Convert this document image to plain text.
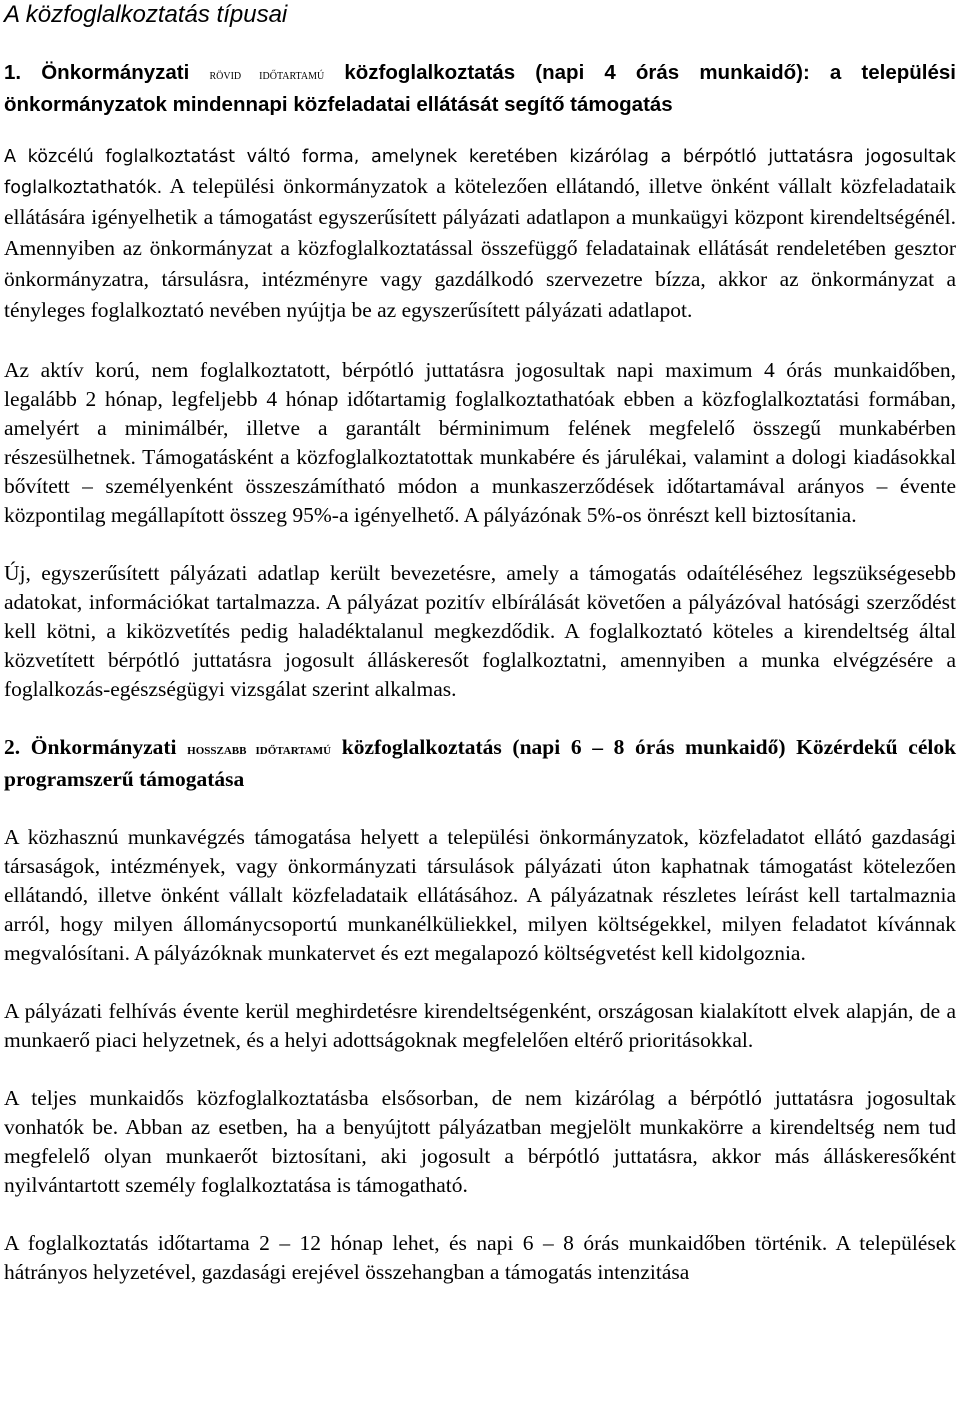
A közfoglalkoztatás típusai
1. Önkormányzati rövid időtartamú közfoglalkoztatás (napi 4 órás munkaidő): a települési önkormányzatok mindennapi közfeladatai ellátását segítő támogatás

A közcélú foglalkoztatást váltó forma, amelynek keretében kizárólag a bérpótló juttatásra jogosultak foglalkoztathatók. A települési önkormányzatok a kötelezően ellátandó, illetve önként vállalt közfeladataik ellátására igényelhetik a támogatást egyszerűsített pályázati adatlapon a munkaügyi központ kirendeltségénél. Amennyiben az önkormányzat a közfoglalkoztatással összefüggő feladatainak ellátását rendeletében gesztor önkormányzatra, társulásra, intézményre vagy gazdálkodó szervezetre bízza, akkor az önkormányzat a tényleges foglalkoztató nevében nyújtja be az egyszerűsített pályázati adatlapot.

Az aktív korú, nem foglalkoztatott, bérpótló juttatásra jogosultak napi maximum 4 órás munkaidőben, legalább 2 hónap, legfeljebb 4 hónap időtartamig foglalkoztathatóak ebben a közfoglalkoztatási formában, amelyért a minimálbér, illetve a garantált bérminimum felének megfelelő összegű munkabérben részesülhetnek. Támogatásként a közfoglalkoztatottak munkabére és járulékai, valamint a dologi kiadásokkal bővített – személyenként összeszámítható módon a munkaszerződések időtartamával arányos – évente központilag megállapított összeg 95%-a igényelhető. A pályázónak 5%-os önrészt kell biztosítania.

Új, egyszerűsített pályázati adatlap került bevezetésre, amely a támogatás odaítéléséhez legszükségesebb adatokat, információkat tartalmazza. A pályázat pozitív elbírálását követően a pályázóval hatósági szerződést kell kötni, a kiközvetítés pedig haladéktalanul megkezdődik. A foglalkoztató köteles a kirendeltség által közvetített bérpótló juttatásra jogosult álláskeresőt foglalkoztatni, amennyiben a munka elvégzésére a foglalkozás-egészségügyi vizsgálat szerint alkalmas.

2. Önkormányzati hosszabb időtartamú közfoglalkoztatás (napi 6 – 8 órás munkaidő) Közérdekű célok programszerű támogatása

A közhasznú munkavégzés támogatása helyett a települési önkormányzatok, közfeladatot ellátó gazdasági társaságok, intézmények, vagy önkormányzati társulások pályázati úton kaphatnak támogatást kötelezően ellátandó, illetve önként vállalt közfeladataik ellátásához. A pályázatnak részletes leírást kell tartalmaznia arról, hogy milyen állománycsoportú munkanélküliekkel, milyen költségekkel, milyen feladatot kívánnak megvalósítani. A pályázóknak munkatervet és ezt megalapozó költségvetést kell kidolgoznia.

A pályázati felhívás évente kerül meghirdetésre kirendeltségenként, országosan kialakított elvek alapján, de a munkaerő piaci helyzetnek, és a helyi adottságoknak megfelelően eltérő prioritásokkal.

A teljes munkaidős közfoglalkoztatásba elsősorban, de nem kizárólag a bérpótló juttatásra jogosultak vonhatók be. Abban az esetben, ha a benyújtott pályázatban megjelölt munkakörre a kirendeltség nem tud megfelelő olyan munkaerőt biztosítani, aki jogosult a bérpótló juttatásra, akkor más álláskeresőként nyilvántartott személy foglalkoztatása is támogatható.

A foglalkoztatás időtartama 2 – 12 hónap lehet, és napi 6 – 8 órás munkaidőben történik. A települések hátrányos helyzetével, gazdasági erejével összehangban a támogatás intenzitása
